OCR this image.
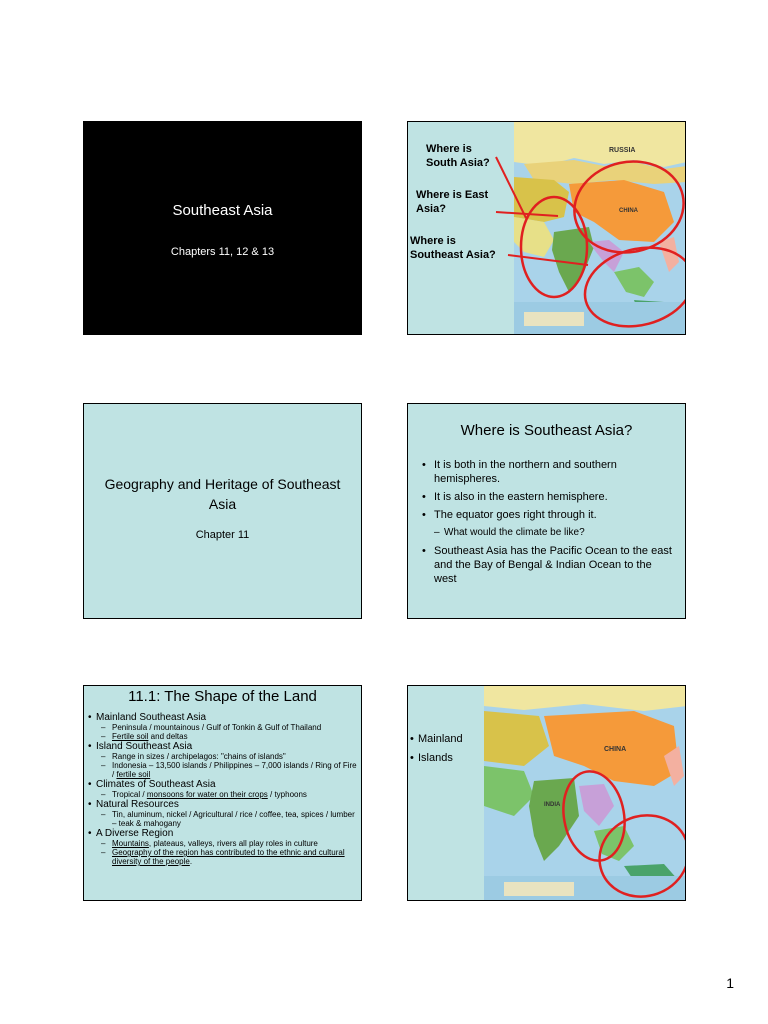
Southeast Asia
Chapters 11, 12 & 13
RUSSIA
CHINA
Where is South Asia?
Where is East Asia?
Where is Southeast Asia?
Geography and Heritage of Southeast Asia
Chapter 11
Where is Southeast Asia?
• It is both in the northern and southern hemispheres.
• It is also in the eastern hemisphere.
• The equator goes right through it.
– What would the climate be like?
• Southeast Asia has the Pacific Ocean to the east and the Bay of Bengal & Indian Ocean to the west
11.1: The Shape of the Land
• Mainland Southeast Asia
– Peninsula / mountainous / Gulf of Tonkin & Gulf of Thailand
– Fertile soil and deltas
• Island Southeast Asia
– Range in sizes / archipelagos: "chains of islands"
– Indonesia – 13,500 islands / Philippines – 7,000 islands / Ring of Fire / fertile soil
• Climates of Southeast Asia
– Tropical / monsoons for water on their crops / typhoons
• Natural Resources
– Tin, aluminum, nickel / Agricultural / rice / coffee, tea, spices / lumber – teak & mahogany
• A Diverse Region
– Mountains, plateaus, valleys, rivers all play roles in culture
– Geography of the region has contributed to the ethnic and cultural diversity of the people.
• Mainland
• Islands
CHINA
INDIA
1
